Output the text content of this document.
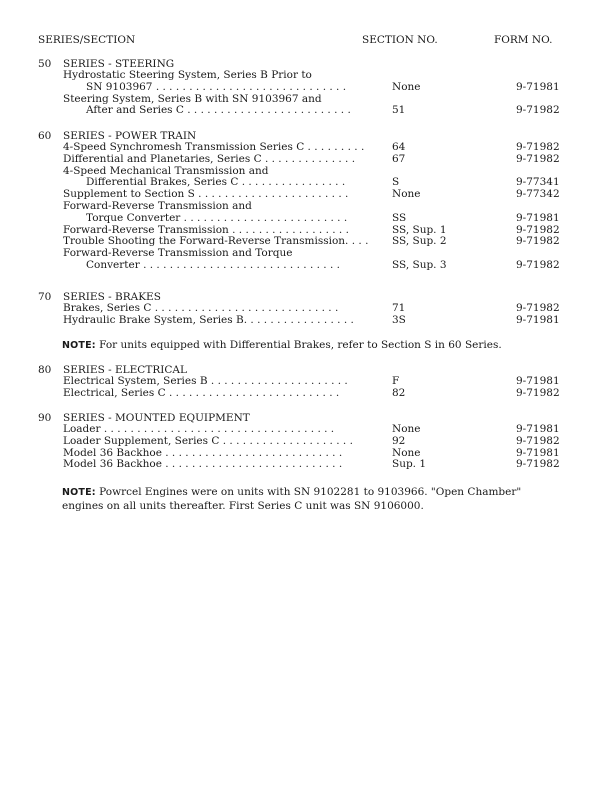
SERIES/SECTION	SECTION NO.	FORM NO.
50 SERIES - STEERING
Hydrostatic Steering System, Series B Prior to
SN 9103967 . . . . . . . . . . . . . . . . . . . . . . . . . . . . .	None	9-71981
Steering System, Series B with SN 9103967 and
After and Series C . . . . . . . . . . . . . . . . . . . . . . . . .	51	9-71982
60 SERIES - POWER TRAIN
4-Speed Synchromesh Transmission Series C . . . . . . . . .	64	9-71982
Differential and Planetaries, Series C . . . . . . . . . . . . . .	67	9-71982
4-Speed Mechanical Transmission and
Differential Brakes, Series C . . . . . . . . . . . . . . . .	S	9-77341
Supplement to Section S . . . . . . . . . . . . . . . . . . . . . . .	None	9-77342
Forward-Reverse Transmission and
Torque Converter . . . . . . . . . . . . . . . . . . . . . . . . .	SS	9-71981
Forward-Reverse Transmission . . . . . . . . . . . . . . . . . .	SS, Sup. 1	9-71982
Trouble Shooting the Forward-Reverse Transmission. . . . SS, Sup. 2	9-71982
Forward-Reverse Transmission and Torque
Converter . . . . . . . . . . . . . . . . . . . . . . . . . . . . . .	SS, Sup. 3	9-71982
70 SERIES - BRAKES
Brakes, Series C . . . . . . . . . . . . . . . . . . . . . . . . . . . .	71	9-71982
Hydraulic Brake System, Series B. . . . . . . . . . . . . . . . .	3S	9-71981
NOTE: For units equipped with Differential Brakes, refer to Section S in 60 Series.
80 SERIES - ELECTRICAL
Electrical System, Series B . . . . . . . . . . . . . . . . . . . . .	F	9-71981
Electrical, Series C . . . . . . . . . . . . . . . . . . . . . . . . . .	82	9-71982
90 SERIES - MOUNTED EQUIPMENT
Loader . . . . . . . . . . . . . . . . . . . . . . . . . . . . . . . . . . .	None	9-71981
Loader Supplement, Series C . . . . . . . . . . . . . . . . . . . .	92	9-71982
Model 36 Backhoe . . . . . . . . . . . . . . . . . . . . . . . . . . .	None	9-71981
Model 36 Backhoe . . . . . . . . . . . . . . . . . . . . . . . . . . .	Sup. 1	9-71982
NOTE: Powrcel Engines were on units with SN 9102281 to 9103966. "Open Chamber" engines on all units thereafter. First Series C unit was SN 9106000.
